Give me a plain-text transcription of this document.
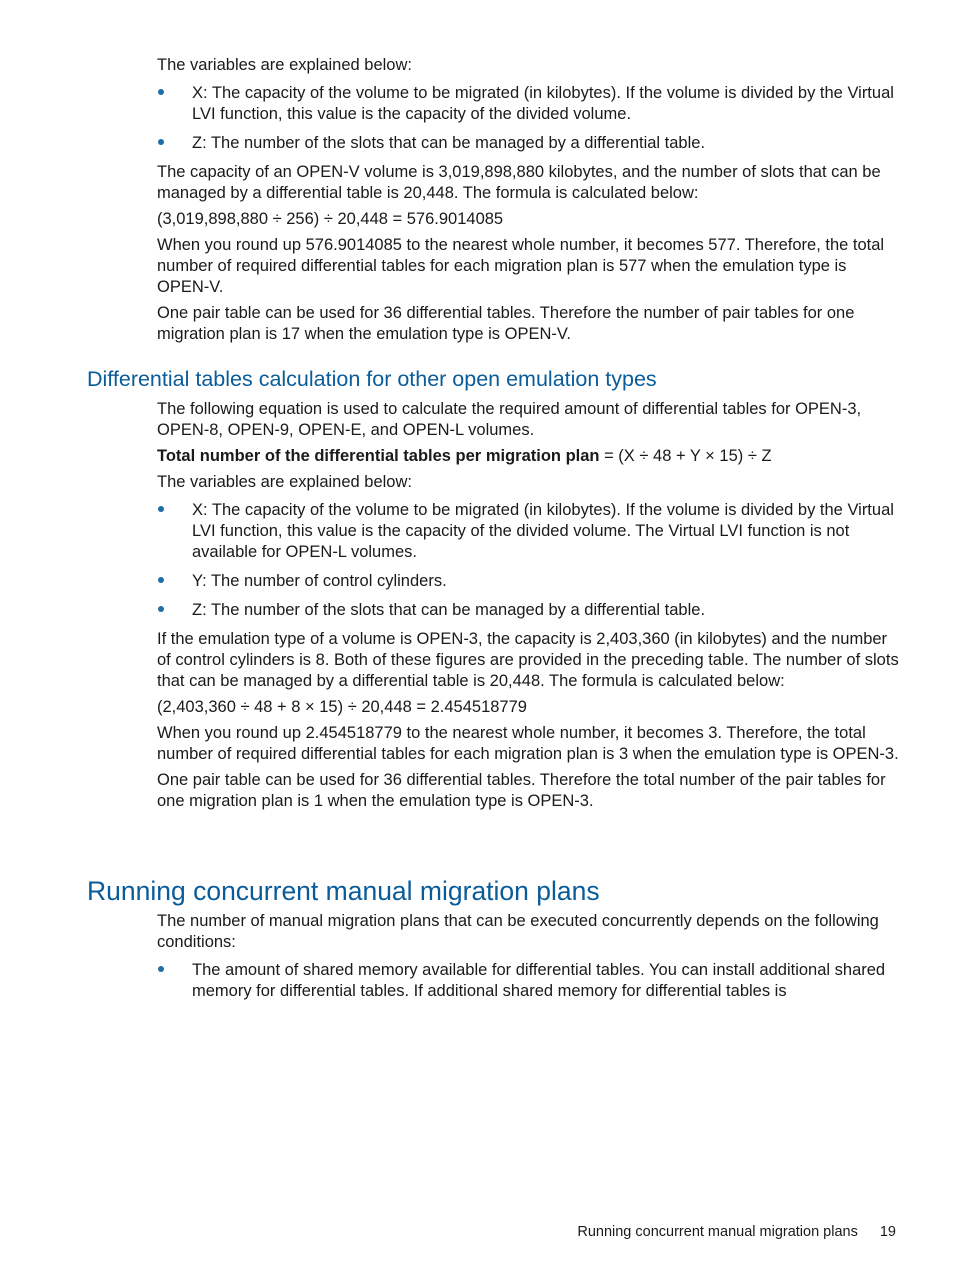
The variables are explained below:

X: The capacity of the volume to be migrated (in kilobytes). If the volume is divided by the Virtual LVI function, this value is the capacity of the divided volume.
Z: The number of the slots that can be managed by a differential table.

The capacity of an OPEN-V volume is 3,019,898,880 kilobytes, and the number of slots that can be managed by a differential table is 20,448. The formula is calculated below:

(3,019,898,880 ÷ 256) ÷ 20,448 = 576.9014085

When you round up 576.9014085 to the nearest whole number, it becomes 577. Therefore, the total number of required differential tables for each migration plan is 577 when the emulation type is OPEN-V.

One pair table can be used for 36 differential tables. Therefore the number of pair tables for one migration plan is 17 when the emulation type is OPEN-V.

Differential tables calculation for other open emulation types

The following equation is used to calculate the required amount of differential tables for OPEN-3, OPEN-8, OPEN-9, OPEN-E, and OPEN-L volumes.

Total number of the differential tables per migration plan = (X ÷ 48 + Y × 15) ÷ Z

The variables are explained below:

X: The capacity of the volume to be migrated (in kilobytes). If the volume is divided by the Virtual LVI function, this value is the capacity of the divided volume. The Virtual LVI function is not available for OPEN-L volumes.
Y: The number of control cylinders.
Z: The number of the slots that can be managed by a differential table.

If the emulation type of a volume is OPEN-3, the capacity is 2,403,360 (in kilobytes) and the number of control cylinders is 8. Both of these figures are provided in the preceding table. The number of slots that can be managed by a differential table is 20,448. The formula is calculated below:

(2,403,360 ÷ 48 + 8 × 15) ÷ 20,448 = 2.454518779

When you round up 2.454518779 to the nearest whole number, it becomes 3. Therefore, the total number of required differential tables for each migration plan is 3 when the emulation type is OPEN-3.

One pair table can be used for 36 differential tables. Therefore the total number of the pair tables for one migration plan is 1 when the emulation type is OPEN-3.

Running concurrent manual migration plans

The number of manual migration plans that can be executed concurrently depends on the following conditions:

The amount of shared memory available for differential tables. You can install additional shared memory for differential tables. If additional shared memory for differential tables is
Running concurrent manual migration plans 19
